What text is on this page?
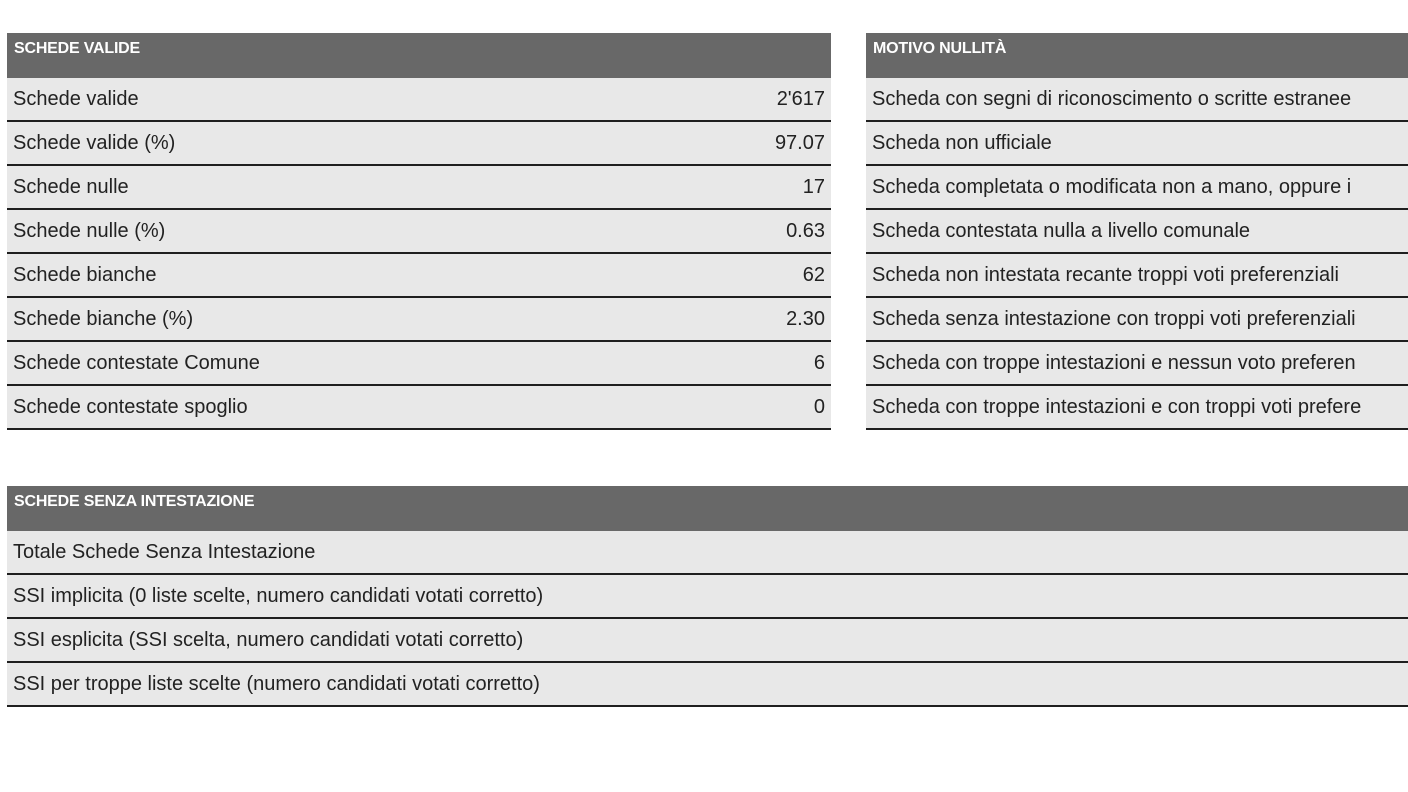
SCHEDE VALIDE
Schede valide	2'617
Schede valide (%)	97.07
Schede nulle	17
Schede nulle (%)	0.63
Schede bianche	62
Schede bianche (%)	2.30
Schede contestate Comune	6
Schede contestate spoglio	0
MOTIVO NULLITÀ
Scheda con segni di riconoscimento o scritte estranee
Scheda non ufficiale
Scheda completata o modificata non a mano, oppure i
Scheda contestata nulla a livello comunale
Scheda non intestata recante troppi voti preferenziali
Scheda senza intestazione con troppi voti preferenziali
Scheda con troppe intestazioni e nessun voto preferen
Scheda con troppe intestazioni e con troppi voti prefere
SCHEDE SENZA INTESTAZIONE
Totale Schede Senza Intestazione
SSI implicita (0 liste scelte, numero candidati votati corretto)
SSI esplicita (SSI scelta, numero candidati votati corretto)
SSI per troppe liste scelte (numero candidati votati corretto)
